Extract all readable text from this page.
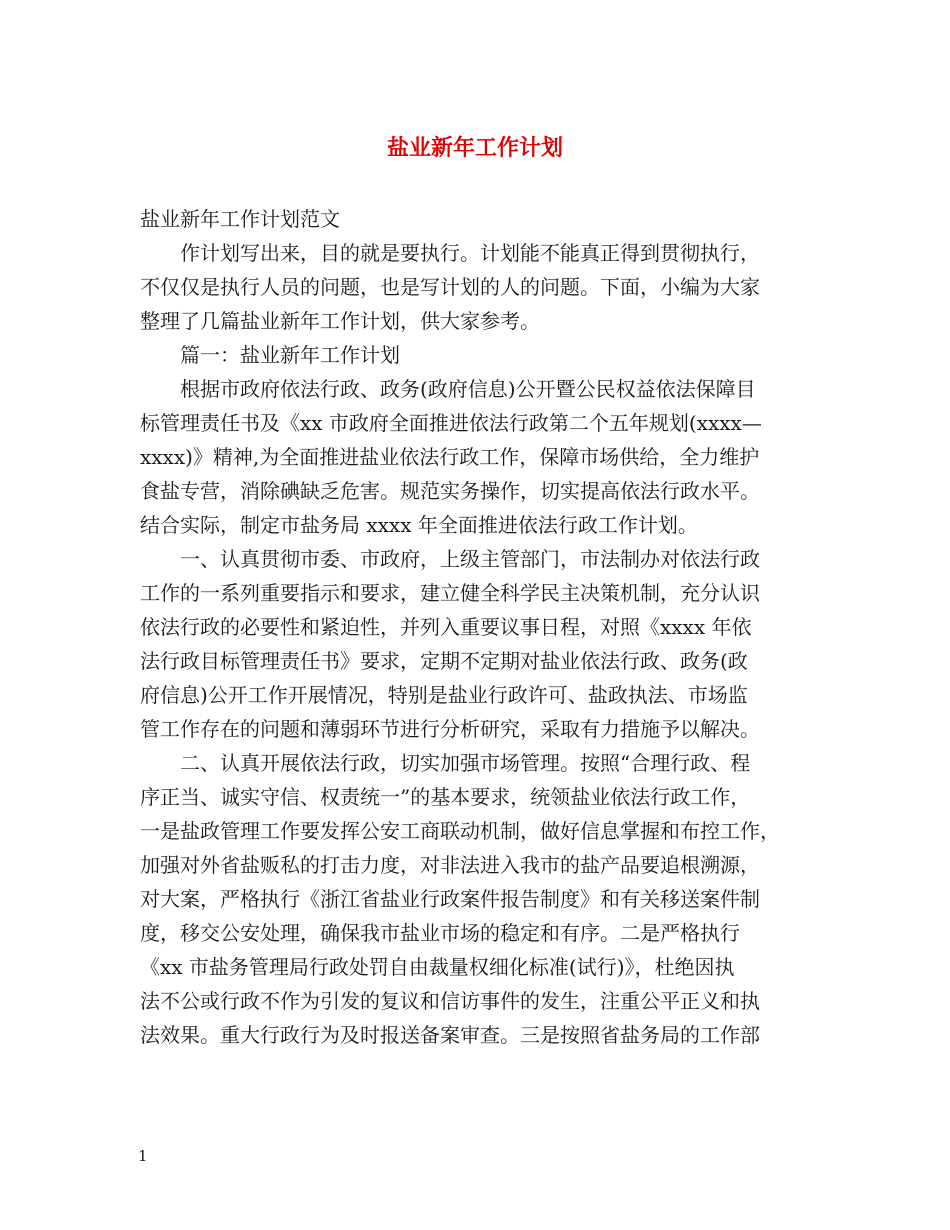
盐业新年工作计划
盐业新年工作计划范文
　　作计划写出来，目的就是要执行。计划能不能真正得到贯彻执行，
不仅仅是执行人员的问题，也是写计划的人的问题。下面，小编为大家
整理了几篇盐业新年工作计划，供大家参考。
　　篇一：盐业新年工作计划
　　根据市政府依法行政、政务(政府信息)公开暨公民权益依法保障目
标管理责任书及《xx 市政府全面推进依法行政第二个五年规划(xxxx—
xxxx)》精神,为全面推进盐业依法行政工作，保障市场供给，全力维护
食盐专营，消除碘缺乏危害。规范实务操作，切实提高依法行政水平。
结合实际，制定市盐务局 xxxx 年全面推进依法行政工作计划。
　　一、认真贯彻市委、市政府，上级主管部门，市法制办对依法行政
工作的一系列重要指示和要求，建立健全科学民主决策机制，充分认识
依法行政的必要性和紧迫性，并列入重要议事日程，对照《xxxx 年依
法行政目标管理责任书》要求，定期不定期对盐业依法行政、政务(政
府信息)公开工作开展情况，特别是盐业行政许可、盐政执法、市场监
管工作存在的问题和薄弱环节进行分析研究，采取有力措施予以解决。
　　二、认真开展依法行政，切实加强市场管理。按照“合理行政、程
序正当、诚实守信、权责统一”的基本要求，统领盐业依法行政工作，
一是盐政管理工作要发挥公安工商联动机制，做好信息掌握和布控工作，
加强对外省盐贩私的打击力度，对非法进入我市的盐产品要追根溯源，
对大案，严格执行《浙江省盐业行政案件报告制度》和有关移送案件制
度，移交公安处理，确保我市盐业市场的稳定和有序。二是严格执行
《xx 市盐务管理局行政处罚自由裁量权细化标准(试行)》，杜绝因执
法不公或行政不作为引发的复议和信访事件的发生，注重公平正义和执
法效果。重大行政行为及时报送备案审查。三是按照省盐务局的工作部
1
